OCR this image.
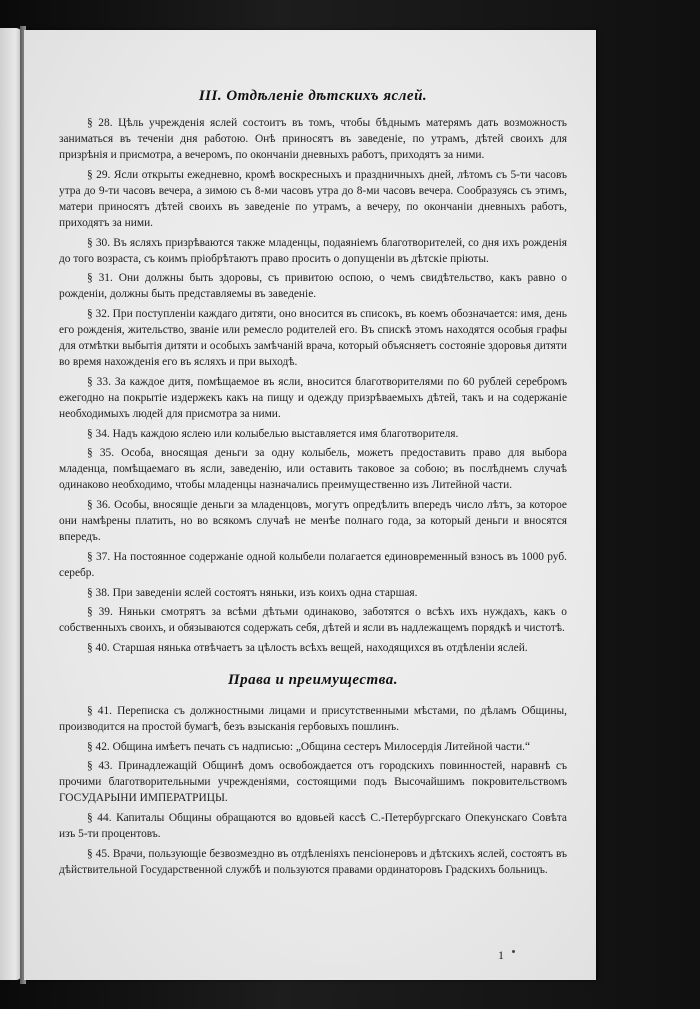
III. Отдѣленіе дѣтскихъ яслей.

§ 28. Цѣль учрежденія яслей состоитъ въ томъ, чтобы бѣднымъ матерямъ дать возможность заниматься въ теченіи дня работою. Онѣ приносятъ въ заведеніе, по утрамъ, дѣтей своихъ для призрѣнія и присмотра, а вечеромъ, по окончаніи дневныхъ работъ, приходятъ за ними.

§ 29. Ясли открыты ежедневно, кромѣ воскресныхъ и праздничныхъ дней, лѣтомъ съ 5-ти часовъ утра до 9-ти часовъ вечера, а зимою съ 8-ми часовъ утра до 8-ми часовъ вечера. Сообразуясь съ этимъ, матери приносятъ дѣтей своихъ въ заведеніе по утрамъ, а вечеру, по окончаніи дневныхъ работъ, приходятъ за ними.

§ 30. Въ ясляхъ призрѣваются также младенцы, подаяніемъ благотворителей, со дня ихъ рожденія до того возраста, съ коимъ пріобрѣтаютъ право просить о допущеніи въ дѣтскіе пріюты.

§ 31. Они должны быть здоровы, съ привитою оспою, о чемъ свидѣтельство, какъ равно о рожденіи, должны быть представляемы въ заведеніе.

§ 32. При поступленіи каждаго дитяти, оно вносится въ списокъ, въ коемъ обозначается: имя, день его рожденія, жительство, званіе или ремесло родителей его. Въ спискѣ этомъ находятся особыя графы для отмѣтки выбытія дитяти и особыхъ замѣчаній врача, который объясняетъ состояніе здоровья дитяти во время нахожденія его въ ясляхъ и при выходѣ.

§ 33. За каждое дитя, помѣщаемое въ ясли, вносится благотворителями по 60 рублей серебромъ ежегодно на покрытіе издержекъ какъ на пищу и одежду призрѣваемыхъ дѣтей, такъ и на содержаніе необходимыхъ людей для присмотра за ними.

§ 34. Надъ каждою яслею или колыбелью выставляется имя благотворителя.

§ 35. Особа, вносящая деньги за одну колыбель, можетъ предоставить право для выбора младенца, помѣщаемаго въ ясли, заведенію, или оставить таковое за собою; въ послѣднемъ случаѣ одинаково необходимо, чтобы младенцы назначались преимущественно изъ Литейной части.

§ 36. Особы, вносящіе деньги за младенцовъ, могутъ опредѣлить впередъ число лѣтъ, за которое они намѣрены платить, но во всякомъ случаѣ не менѣе полнаго года, за который деньги и вносятся впередъ.

§ 37. На постоянное содержаніе одной колыбели полагается единовременный взносъ въ 1000 руб. серебр.

§ 38. При заведеніи яслей состоятъ няньки, изъ коихъ одна старшая.

§ 39. Няньки смотрятъ за всѣми дѣтьми одинаково, заботятся о всѣхъ ихъ нуждахъ, какъ о собственныхъ своихъ, и обязываются содержать себя, дѣтей и ясли въ надлежащемъ порядкѣ и чистотѣ.

§ 40. Старшая нянька отвѣчаетъ за цѣлость всѣхъ вещей, находящихся въ отдѣленіи яслей.

Права и преимущества.

§ 41. Переписка съ должностными лицами и присутственными мѣстами, по дѣламъ Общины, производится на простой бумагѣ, безъ взысканія гербовыхъ пошлинъ.

§ 42. Община имѣетъ печать съ надписью: „Община сестеръ Милосердія Литейной части.“

§ 43. Принадлежащій Общинѣ домъ освобождается отъ городскихъ повинностей, наравнѣ съ прочими благотворительными учрежденіями, состоящими подъ Высочайшимъ покровительствомъ ГОСУДАРЫНИ ИМПЕРАТРИЦЫ.

§ 44. Капиталы Общины обращаются во вдовьей кассѣ С.-Петербургскаго Опекунскаго Совѣта изъ 5-ти процентовъ.

§ 45. Врачи, пользующіе безвозмездно въ отдѣленіяхъ пенсіонеровъ и дѣтскихъ яслей, состоятъ въ дѣйствительной Государственной службѣ и пользуются правами ординаторовъ Градскихъ больницъ.

1
